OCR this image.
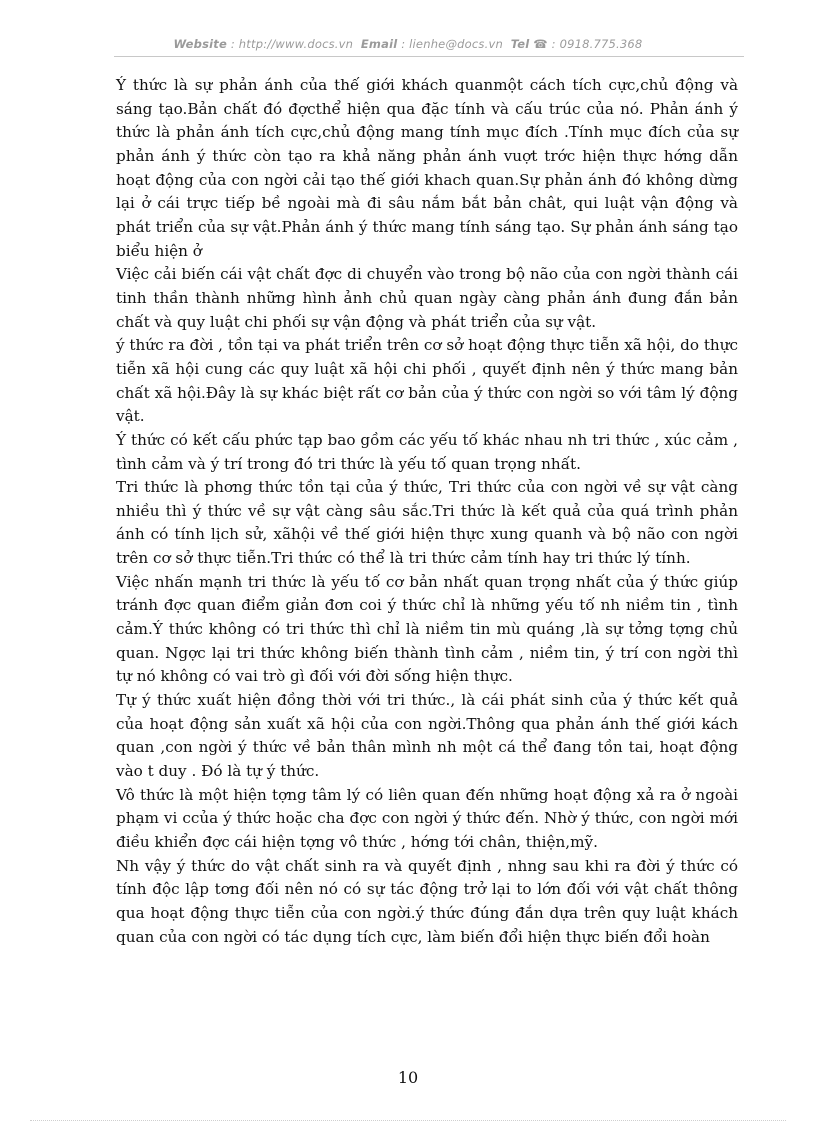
Website : http://www.docs.vn Email : lienhe@docs.vn Tel ☎ : 0918.775.368

Ý thức là sự phản ánh của thế giới khách quanmột cách tích cực,chủ động và sáng tạo.Bản chất đó đợcthể hiện qua đặc tính và cấu trúc của nó. Phản ánh ý thức là phản ánh tích cực,chủ động mang tính mục đích .Tính mục đích của sự phản ánh ý thức còn tạo ra khả năng phản ánh vuợt trớc hiện thực hớng dẫn hoạt động của con ngời cải tạo thế giới khach quan.Sự phản ánh đó không dừng lại ở cái trực tiếp bề ngoài mà đi sâu nắm bắt bản chât, qui luật vận động và phát triển của sự vật.Phản ánh ý thức mang tính sáng tạo. Sự phản ánh sáng tạo biểu hiện ở

Việc cải biến cái vật chất đợc di chuyển vào trong bộ não của con ngời thành cái tinh thần thành những hình ảnh chủ quan ngày càng phản ánh đung đắn bản chất và quy luật chi phối sự vận động và phát triển của sự vật.

ý thức ra đời , tồn tại va phát triển trên cơ sở hoạt động thực tiễn xã hội, do thực tiễn xã hội cung các quy luật xã hội chi phối , quyết định nên ý thức mang bản chất xã hội.Đây là sự khác biệt rất cơ bản của ý thức con ngời so với tâm lý động vật.

Ý thức có kết cấu phức tạp bao gồm các yếu tố khác nhau nh tri thức , xúc cảm , tình cảm và ý trí trong đó tri thức là yếu tố quan trọng nhất.

Tri thức là phơng thức tồn tại của ý thức, Tri thức của con ngời về sự vật càng nhiều thì ý thức về sự vật càng sâu sắc.Tri thức là kết quả của quá trình phản ánh có tính lịch sử, xãhội về thế giới hiện thực xung quanh và bộ não con ngời trên cơ sở thực tiễn.Tri thức có thể là tri thức cảm tính hay tri thức lý tính.

Việc nhấn mạnh tri thức là yếu tố cơ bản nhất quan trọng nhất của ý thức giúp tránh đợc quan điểm giản đơn coi ý thức chỉ là những yếu tố nh niềm tin , tình cảm.Ý thức không có tri thức thì chỉ là niềm tin mù quáng ,là sự tởng tợng chủ quan. Ngợc lại tri thức không biến thành tình cảm , niềm tin, ý trí con ngời thì tự nó không có vai trò gì đối với đời sống hiện thực.

Tự ý thức xuất hiện đồng thời với tri thức., là cái phát sinh của ý thức kết quả của hoạt động sản xuất xã hội của con ngời.Thông qua phản ánh thế giới kách quan ,con ngời ý thức về bản thân mình nh một cá thể đang tồn tai, hoạt động vào t duy . Đó là tự ý thức.

Vô thức là một hiện tợng tâm lý có liên quan đến những hoạt động xả ra ở ngoài phạm vi ccủa ý thức hoặc cha đợc con ngời ý thức đến. Nhờ ý thức, con ngời mới điều khiển đợc cái hiện tợng vô thức , hớng tới chân, thiện,mỹ.

Nh vậy ý thức do vật chất sinh ra và quyết định , nhng sau khi ra đời ý thức có tính độc lập tơng đối nên nó có sự tác động trở lại to lớn đối với vật chất thông qua hoạt động thực tiễn của con ngời.ý thức đúng đắn dựa trên quy luật khách quan của con ngời có tác dụng tích cực, làm biến đổi hiện thực biến đổi hoàn

10
